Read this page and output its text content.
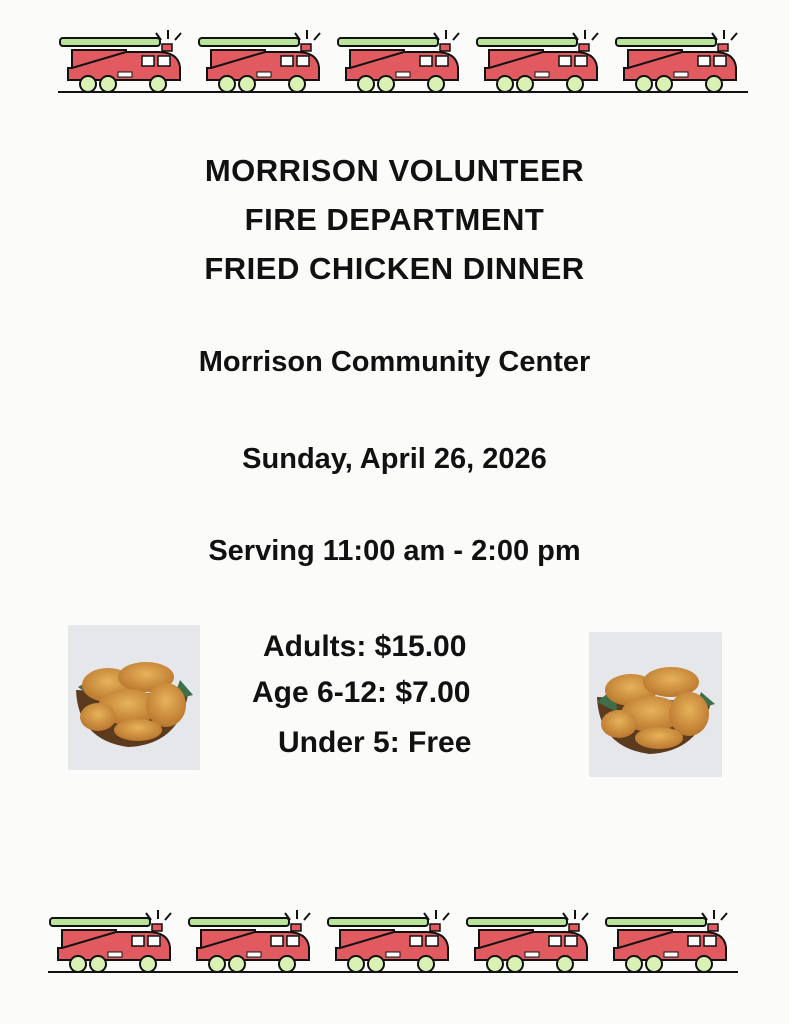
MORRISON VOLUNTEER
FIRE DEPARTMENT
FRIED CHICKEN DINNER
Morrison Community Center
Sunday, April 26, 2026
Serving 11:00 am - 2:00 pm
Adults: $15.00
Age 6-12: $7.00
Under 5: Free
